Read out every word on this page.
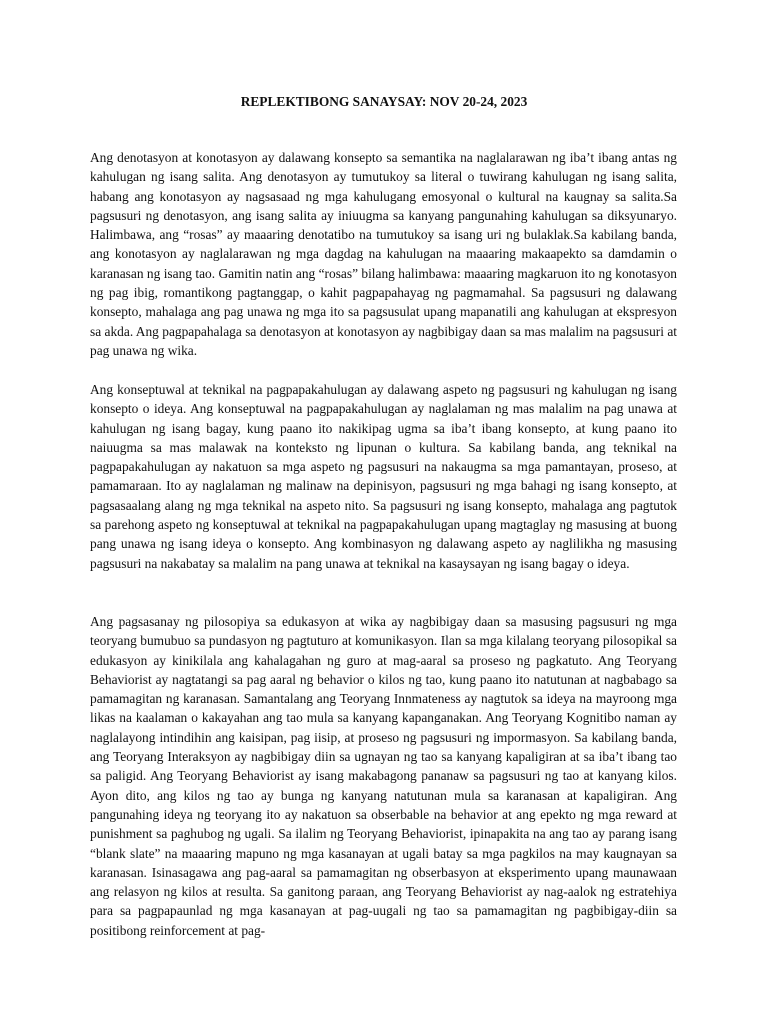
REPLEKTIBONG SANAYSAY: NOV 20-24, 2023

Ang denotasyon at konotasyon ay dalawang konsepto sa semantika na naglalarawan ng iba’t ibang antas ng kahulugan ng isang salita. Ang denotasyon ay tumutukoy sa literal o tuwirang kahulugan ng isang salita, habang ang konotasyon ay nagsasaad ng mga kahulugang emosyonal o kultural na kaugnay sa salita.Sa pagsusuri ng denotasyon, ang isang salita ay iniuugma sa kanyang pangunahing kahulugan sa diksyunaryo. Halimbawa, ang “rosas” ay maaaring denotatibo na tumutukoy sa isang uri ng bulaklak.Sa kabilang banda, ang konotasyon ay naglalarawan ng mga dagdag na kahulugan na maaaring makaapekto sa damdamin o karanasan ng isang tao. Gamitin natin ang “rosas” bilang halimbawa: maaaring magkaruon ito ng konotasyon ng pag ibig, romantikong pagtanggap, o kahit pagpapahayag ng pagmamahal. Sa pagsusuri ng dalawang konsepto, mahalaga ang pag unawa ng mga ito sa pagsusulat upang mapanatili ang kahulugan at ekspresyon sa akda. Ang pagpapahalaga sa denotasyon at konotasyon ay nagbibigay daan sa mas malalim na pagsusuri at pag unawa ng wika.

Ang konseptuwal at teknikal na pagpapakahulugan ay dalawang aspeto ng pagsusuri ng kahulugan ng isang konsepto o ideya. Ang konseptuwal na pagpapakahulugan ay naglalaman ng mas malalim na pag unawa at kahulugan ng isang bagay, kung paano ito nakikipag ugma sa iba’t ibang konsepto, at kung paano ito naiuugma sa mas malawak na konteksto ng lipunan o kultura. Sa kabilang banda, ang teknikal na pagpapakahulugan ay nakatuon sa mga aspeto ng pagsusuri na nakaugma sa mga pamantayan, proseso, at pamamaraan. Ito ay naglalaman ng malinaw na depinisyon, pagsusuri ng mga bahagi ng isang konsepto, at pagsasaalang alang ng mga teknikal na aspeto nito. Sa pagsusuri ng isang konsepto, mahalaga ang pagtutok sa parehong aspeto ng konseptuwal at teknikal na pagpapakahulugan upang magtaglay ng masusing at buong pang unawa ng isang ideya o konsepto. Ang kombinasyon ng dalawang aspeto ay naglilikha ng masusing pagsusuri na nakabatay sa malalim na pang unawa at teknikal na kasaysayan ng isang bagay o ideya.

Ang pagsasanay ng pilosopiya sa edukasyon at wika ay nagbibigay daan sa masusing pagsusuri ng mga teoryang bumubuo sa pundasyon ng pagtuturo at komunikasyon. Ilan sa mga kilalang teoryang pilosopikal sa edukasyon ay kinikilala ang kahalagahan ng guro at mag-aaral sa proseso ng pagkatuto. Ang Teoryang Behaviorist ay nagtatangi sa pag aaral ng behavior o kilos ng tao, kung paano ito natutunan at nagbabago sa pamamagitan ng karanasan. Samantalang ang Teoryang Innmateness ay nagtutok sa ideya na mayroong mga likas na kaalaman o kakayahan ang tao mula sa kanyang kapanganakan. Ang Teoryang Kognitibo naman ay naglalayong intindihin ang kaisipan, pag iisip, at proseso ng pagsusuri ng impormasyon. Sa kabilang banda, ang Teoryang Interaksyon ay nagbibigay diin sa ugnayan ng tao sa kanyang kapaligiran at sa iba’t ibang tao sa paligid. Ang Teoryang Behaviorist ay isang makabagong pananaw sa pagsusuri ng tao at kanyang kilos. Ayon dito, ang kilos ng tao ay bunga ng kanyang natutunan mula sa karanasan at kapaligiran. Ang pangunahing ideya ng teoryang ito ay nakatuon sa obserbable na behavior at ang epekto ng mga reward at punishment sa paghubog ng ugali. Sa ilalim ng Teoryang Behaviorist, ipinapakita na ang tao ay parang isang “blank slate” na maaaring mapuno ng mga kasanayan at ugali batay sa mga pagkilos na may kaugnayan sa karanasan. Isinasagawa ang pag-aaral sa pamamagitan ng obserbasyon at eksperimento upang maunawaan ang relasyon ng kilos at resulta. Sa ganitong paraan, ang Teoryang Behaviorist ay nag-aalok ng estratehiya para sa pagpapaunlad ng mga kasanayan at pag-uugali ng tao sa pamamagitan ng pagbibigay-diin sa positibong reinforcement at pag-
